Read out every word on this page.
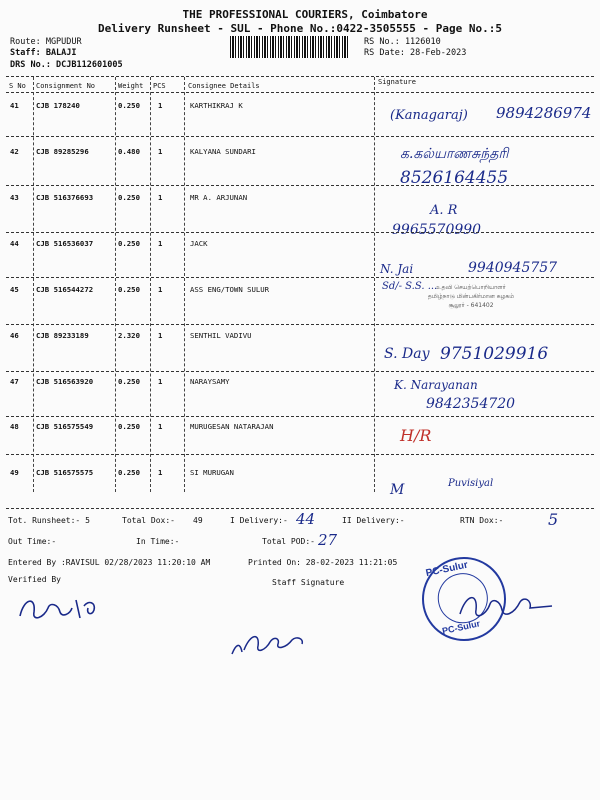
THE PROFESSIONAL COURIERS, Coimbatore
Delivery Runsheet - SUL - Phone No.:0422-3505555 - Page No.:5
Route: MGPUDUR
Staff: BALAJI
DRS No.: DCJB112601005
RS No.: 1126010
RS Date: 28-Feb-2023
S No Consignment No	Weight PCS	Consignee Details	Signature
41 CJB 178240	0.250 1	KARTHIKRAJ K
(Kanagaraj) 9894286974
42 CJB 89285296	0.480 1	KALYANA SUNDARI	க.கல்யாணசுந்தரி
8526164455
43 CJB 516376693	0.250 1	MR A. ARJUNAN
A. R
9965570990
44 CJB 516536037	0.250 1	JACK
N. Jai	9940945757
45 CJB 516544272	0.250 1	ASS ENG/TOWN SULUR	Sd/- S.S. ...
உதவி செயற்பொறியாளர்
தமிழ்நாடு மின்பகிர்மான கழகம்
சூலூர் - 641402
46 CJB 89233189	2.320 1	SENTHIL VADIVU
S. Day 9751029916
47 CJB 516563920	0.250 1	NARAYSAMY	K. Narayanan
9842354720
48 CJB 516575549	0.250 1	MURUGESAN NATARAJAN	H/R
49 CJB 516575575	0.250 1	SI MURUGAN
M	Puvisiyal
Tot. Runsheet:- 5	Total Dox:- 49	I Delivery:- 44	II Delivery:-	RTN Dox:-	5
Out Time:-	In Time:-	Total POD:- 27
Entered By :RAVISUL 02/28/2023 11:20:10 AM	Printed On: 28-02-2023 11:21:05
Verified By	Staff Signature
PC-Sulur
PC-Sulur
